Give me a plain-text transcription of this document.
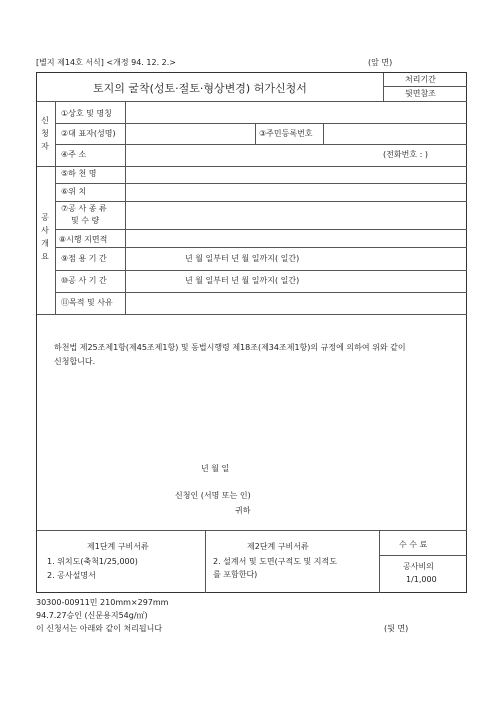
[별지 제14호 서식] <개정 94. 12. 2.>	(앞 면)
토지의 굴착(성토·절토·형상변경) 허가신청서
처리기간
뒷면참조
신청자
①상호 및 명칭
②대 표자(성명)	③주민등록번호
④주 소	(전화번호 : )
공사개요
⑤하 천 명
⑥위 치
⑦공 사 종 류
및 수 량
⑧시행 지면적
⑨점 용 기 간	년 월 일부터 년 월 일까지( 일간)
⑩공 사 기 간	년 월 일부터 년 월 일까지( 일간)
⑪목적 및 사유
하천법 제25조제1항(제45조제1항) 및 동법시행령 제18조(제34조제1항)의 규정에 의하여 위와 같이
신청합니다.
년 월 일
신청인 (서명 또는 인)
귀하
제1단계 구비서류
1. 위치도(축척1/25,000)
2. 공사설명서
제2단계 구비서류
2. 설계서 및 도면(구적도 및 지적도
를 포함한다)
수 수 료
공사비의
1/1,000
30300-00911민 210mm×297mm
94.7.27승인 (신문용지54g/㎡)
이 신청서는 아래와 같이 처리됩니다	(뒷 면)
